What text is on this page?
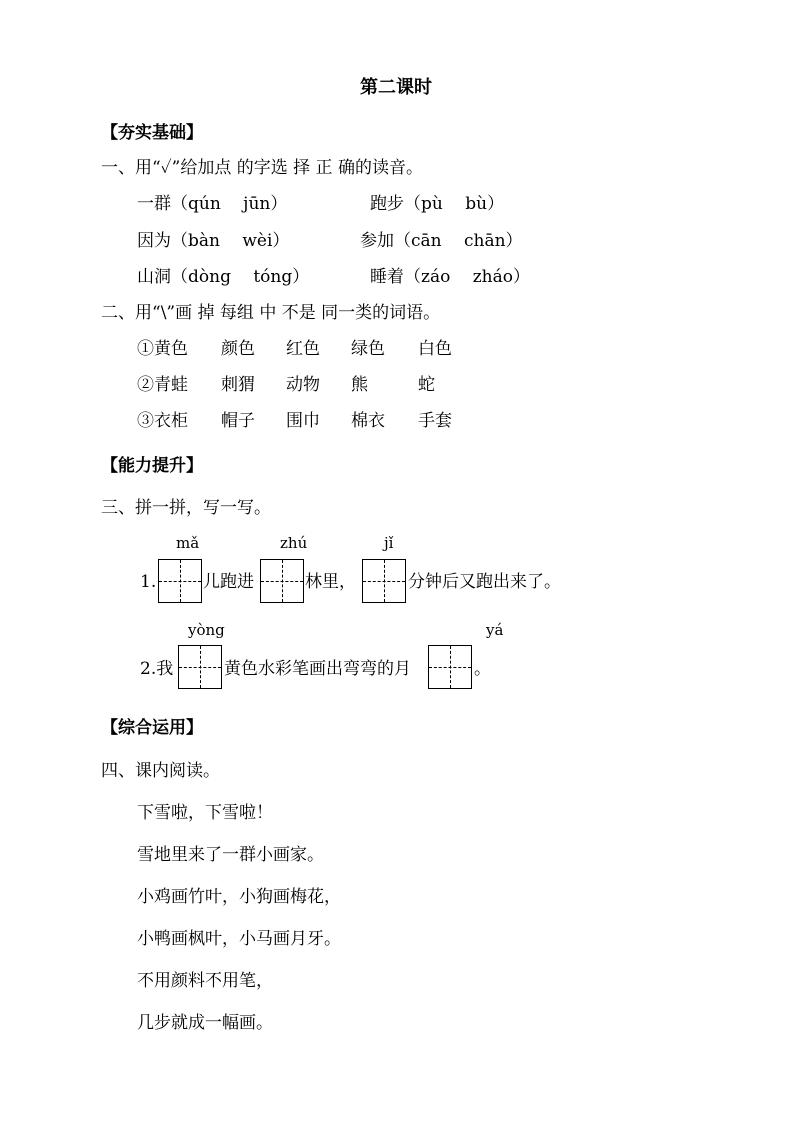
第二课时
【夯实基础】
一、用“✓”给加点 的字选 择 正 确的读音。
一群（qún　 jūn）	跑步（pù　 bù）
因为（bàn　 wèi）	参加（cān　 chān）
山洞（dòng　 tóng）	睡着（záo　 zháo）
二、用“\”画 掉 每组 中 不是 同一类的词语。
①黄色 颜色 红色 绿色 白色
②青蛙 刺猬 动物 熊	蛇
③衣柜 帽子 围巾 棉衣 手套
【能力提升】
三、拼一拼，写一写。
mǎ	zhú	jǐ
1.	儿跑进	林里，	分钟后又跑出来了。
yòng	yá
2.我	黄色水彩笔画出弯弯的月	。
【综合运用】
四、课内阅读。
下雪啦，下雪啦！
雪地里来了一群小画家。
小鸡画竹叶，小狗画梅花，
小鸭画枫叶，小马画月牙。
不用颜料不用笔，
几步就成一幅画。
